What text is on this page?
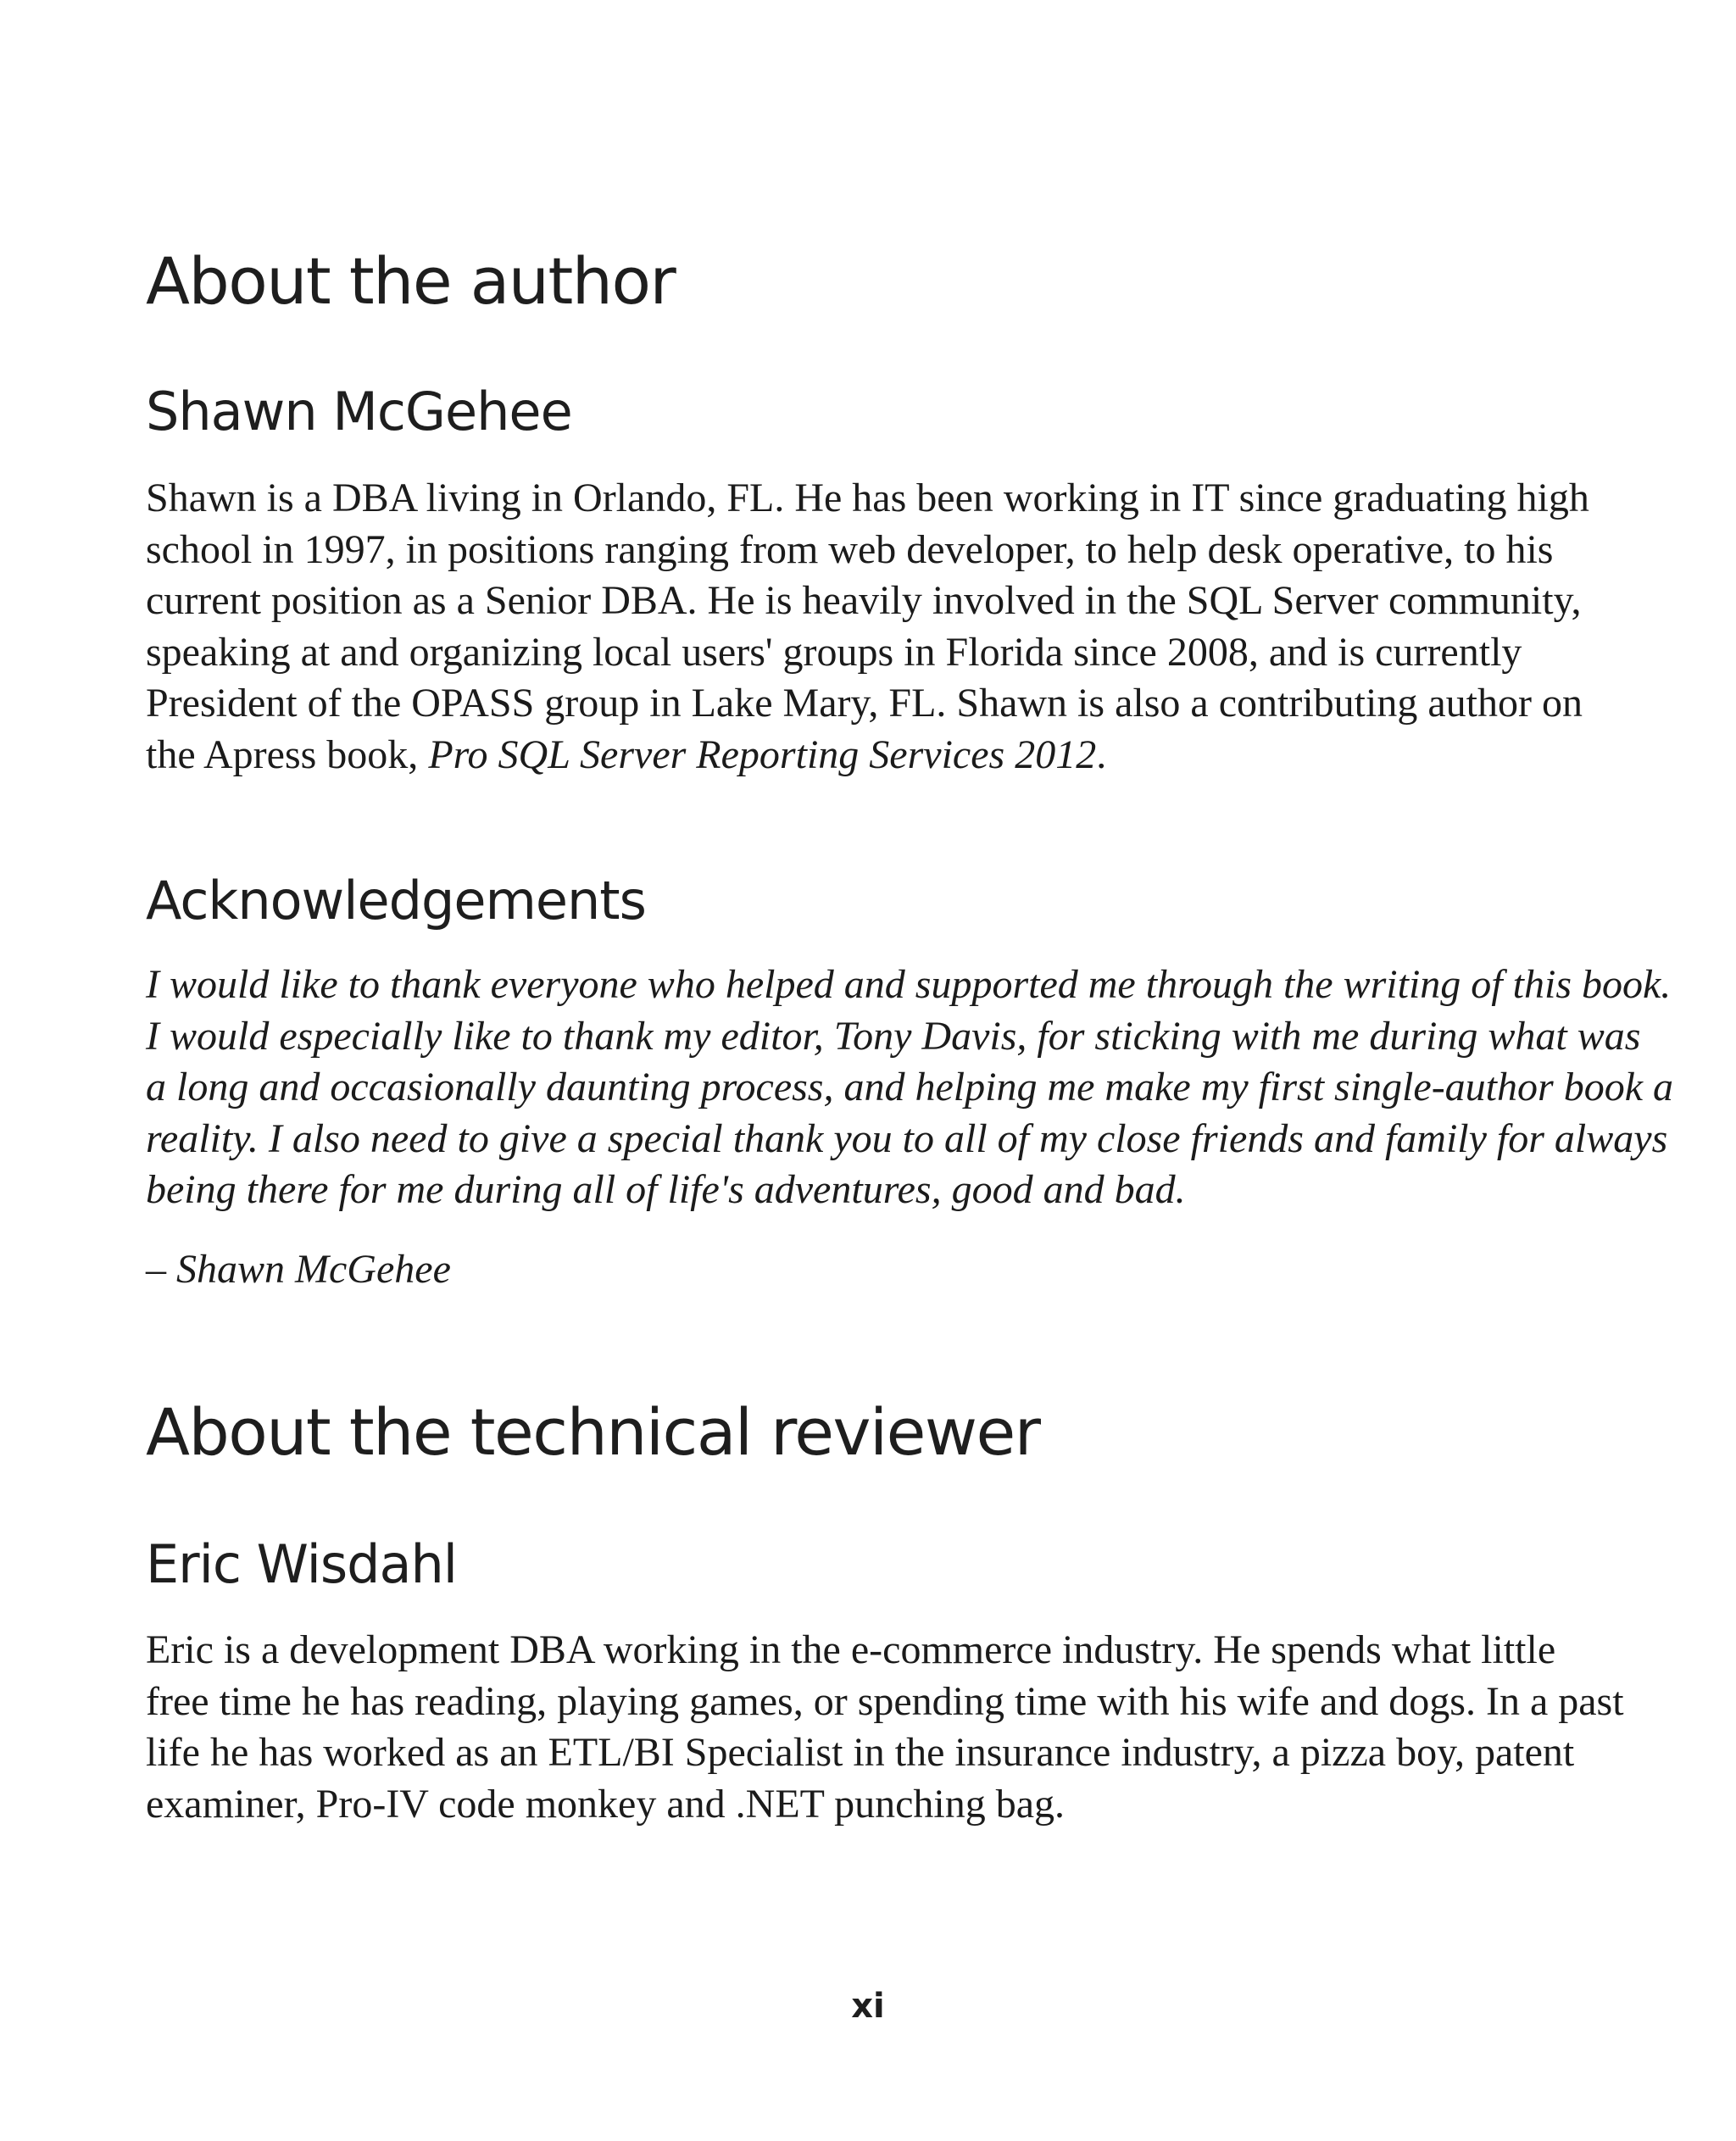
About the author
Shawn McGehee

Shawn is a DBA living in Orlando, FL. He has been working in IT since graduating high
school in 1997, in positions ranging from web developer, to help desk operative, to his
current position as a Senior DBA. He is heavily involved in the SQL Server community,
speaking at and organizing local users' groups in Florida since 2008, and is currently
President of the OPASS group in Lake Mary, FL. Shawn is also a contributing author on
the Apress book, Pro SQL Server Reporting Services 2012.

Acknowledgements

I would like to thank everyone who helped and supported me through the writing of this book.
I would especially like to thank my editor, Tony Davis, for sticking with me during what was
a long and occasionally daunting process, and helping me make my first single-author book a
reality. I also need to give a special thank you to all of my close friends and family for always
being there for me during all of life's adventures, good and bad.

– Shawn McGehee

About the technical reviewer
Eric Wisdahl

Eric is a development DBA working in the e-commerce industry. He spends what little
free time he has reading, playing games, or spending time with his wife and dogs. In a past
life he has worked as an ETL/BI Specialist in the insurance industry, a pizza boy, patent
examiner, Pro-IV code monkey and .NET punching bag.

xi
